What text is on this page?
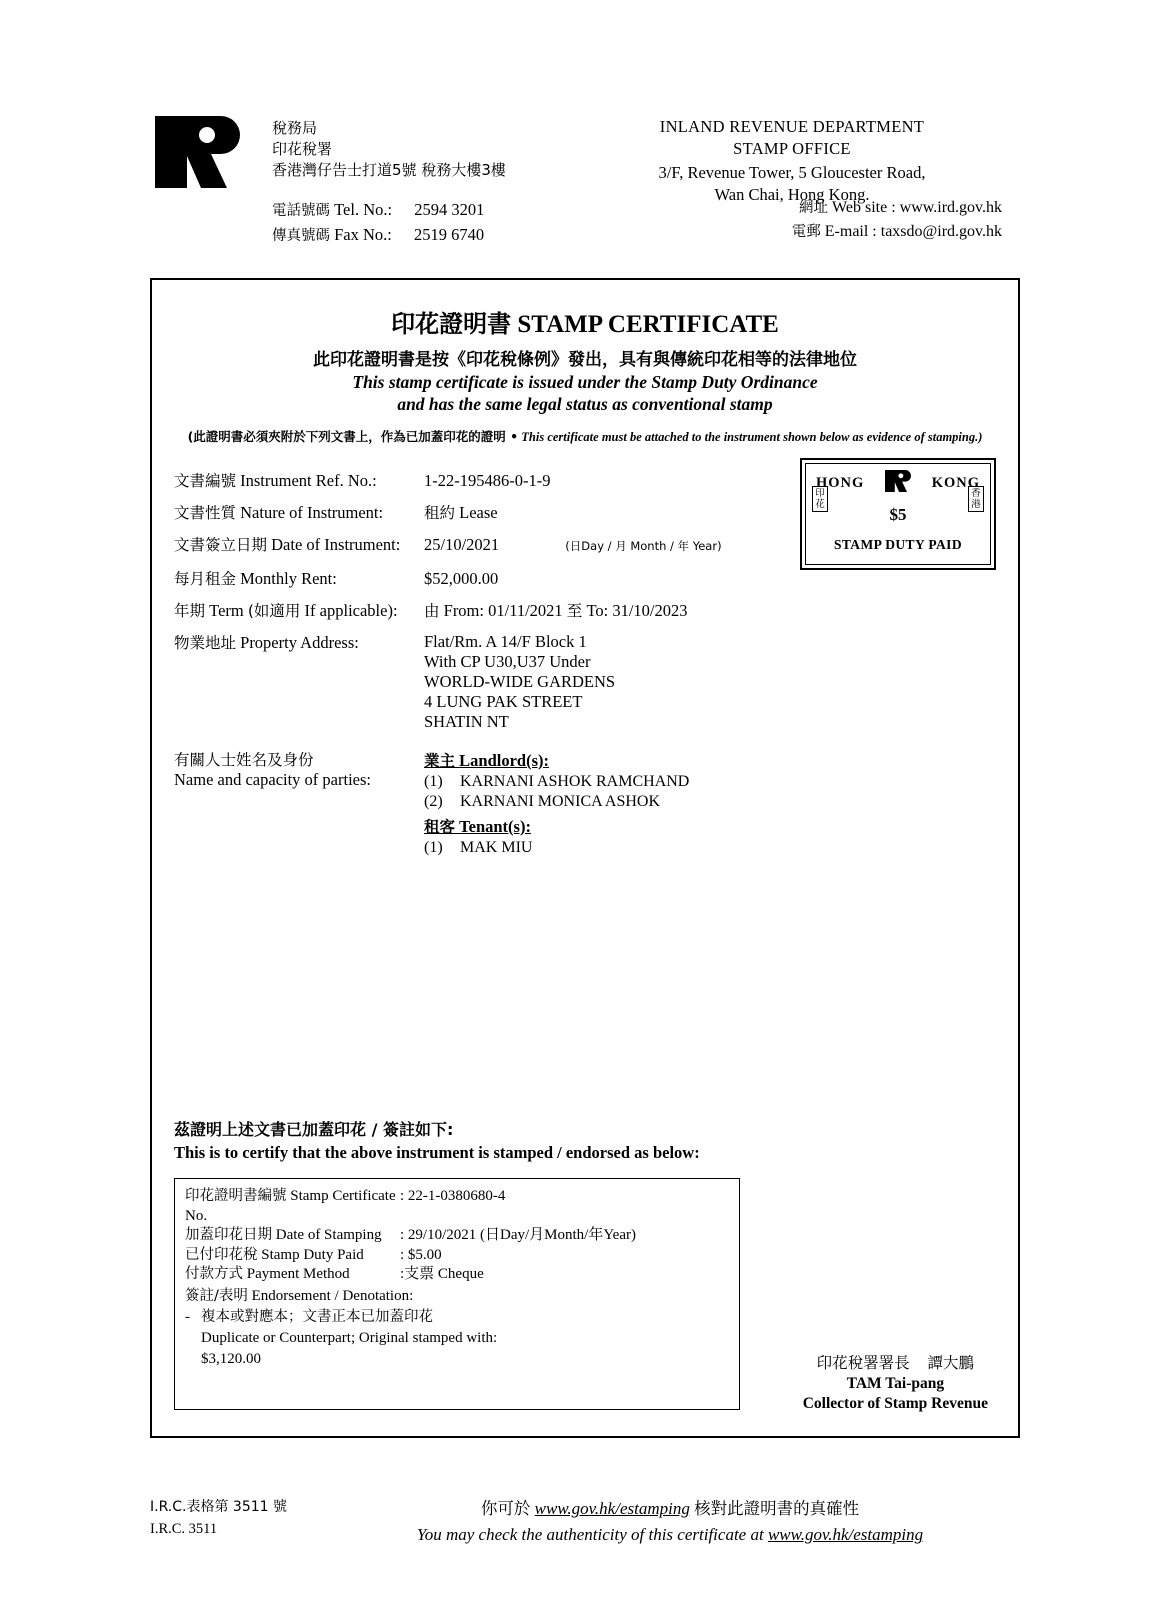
稅務局
印花稅署
香港灣仔告士打道5號 稅務大樓3樓
電話號碼 Tel. No.: 2594 3201
傳真號碼 Fax No.: 2519 6740
INLAND REVENUE DEPARTMENT
STAMP OFFICE
3/F, Revenue Tower, 5 Gloucester Road,
Wan Chai, Hong Kong.
網址 Web site : www.ird.gov.hk
電郵 E-mail : taxsdo@ird.gov.hk
印花證明書 STAMP CERTIFICATE
此印花證明書是按《印花稅條例》發出，具有與傳統印花相等的法律地位
This stamp certificate is issued under the Stamp Duty Ordinance
and has the same legal status as conventional stamp
(此證明書必須夾附於下列文書上，作為已加蓋印花的證明 • This certificate must be attached to the instrument shown below as evidence of stamping.)
HONG	KONG
印花
香港
$5
STAMP DUTY PAID
文書編號 Instrument Ref. No.:	1-22-195486-0-1-9
文書性質 Nature of Instrument:	租約 Lease
文書簽立日期 Date of Instrument:	25/10/2021	(日Day / 月 Month / 年 Year)
每月租金 Monthly Rent:	$52,000.00
年期 Term (如適用 If applicable):	由 From: 01/11/2021 至 To: 31/10/2023
物業地址 Property Address:	Flat/Rm. A 14/F Block 1
With CP U30,U37 Under
WORLD-WIDE GARDENS
4 LUNG PAK STREET
SHATIN NT
有關人士姓名及身份
Name and capacity of parties:
業主 Landlord(s):
(1) KARNANI ASHOK RAMCHAND
(2) KARNANI MONICA ASHOK
租客 Tenant(s):
(1) MAK MIU
茲證明上述文書已加蓋印花 / 簽註如下:
This is to certify that the above instrument is stamped / endorsed as below:
印花證明書編號 Stamp Certificate No.
: 22-1-0380680-4
加蓋印花日期 Date of Stamping	: 29/10/2021 (日Day/月Month/年Year)
已付印花稅 Stamp Duty Paid	: $5.00
付款方式 Payment Method	:支票 Cheque
簽註/表明 Endorsement / Denotation:
- 複本或對應本；文書正本已加蓋印花
Duplicate or Counterpart; Original stamped with:
$3,120.00	印花稅署署長 譚大鵬
TAM Tai-pang
Collector of Stamp Revenue
I.R.C.表格第 3511 號
I.R.C. 3511
你可於 www.gov.hk/estamping 核對此證明書的真確性
You may check the authenticity of this certificate at www.gov.hk/estamping
